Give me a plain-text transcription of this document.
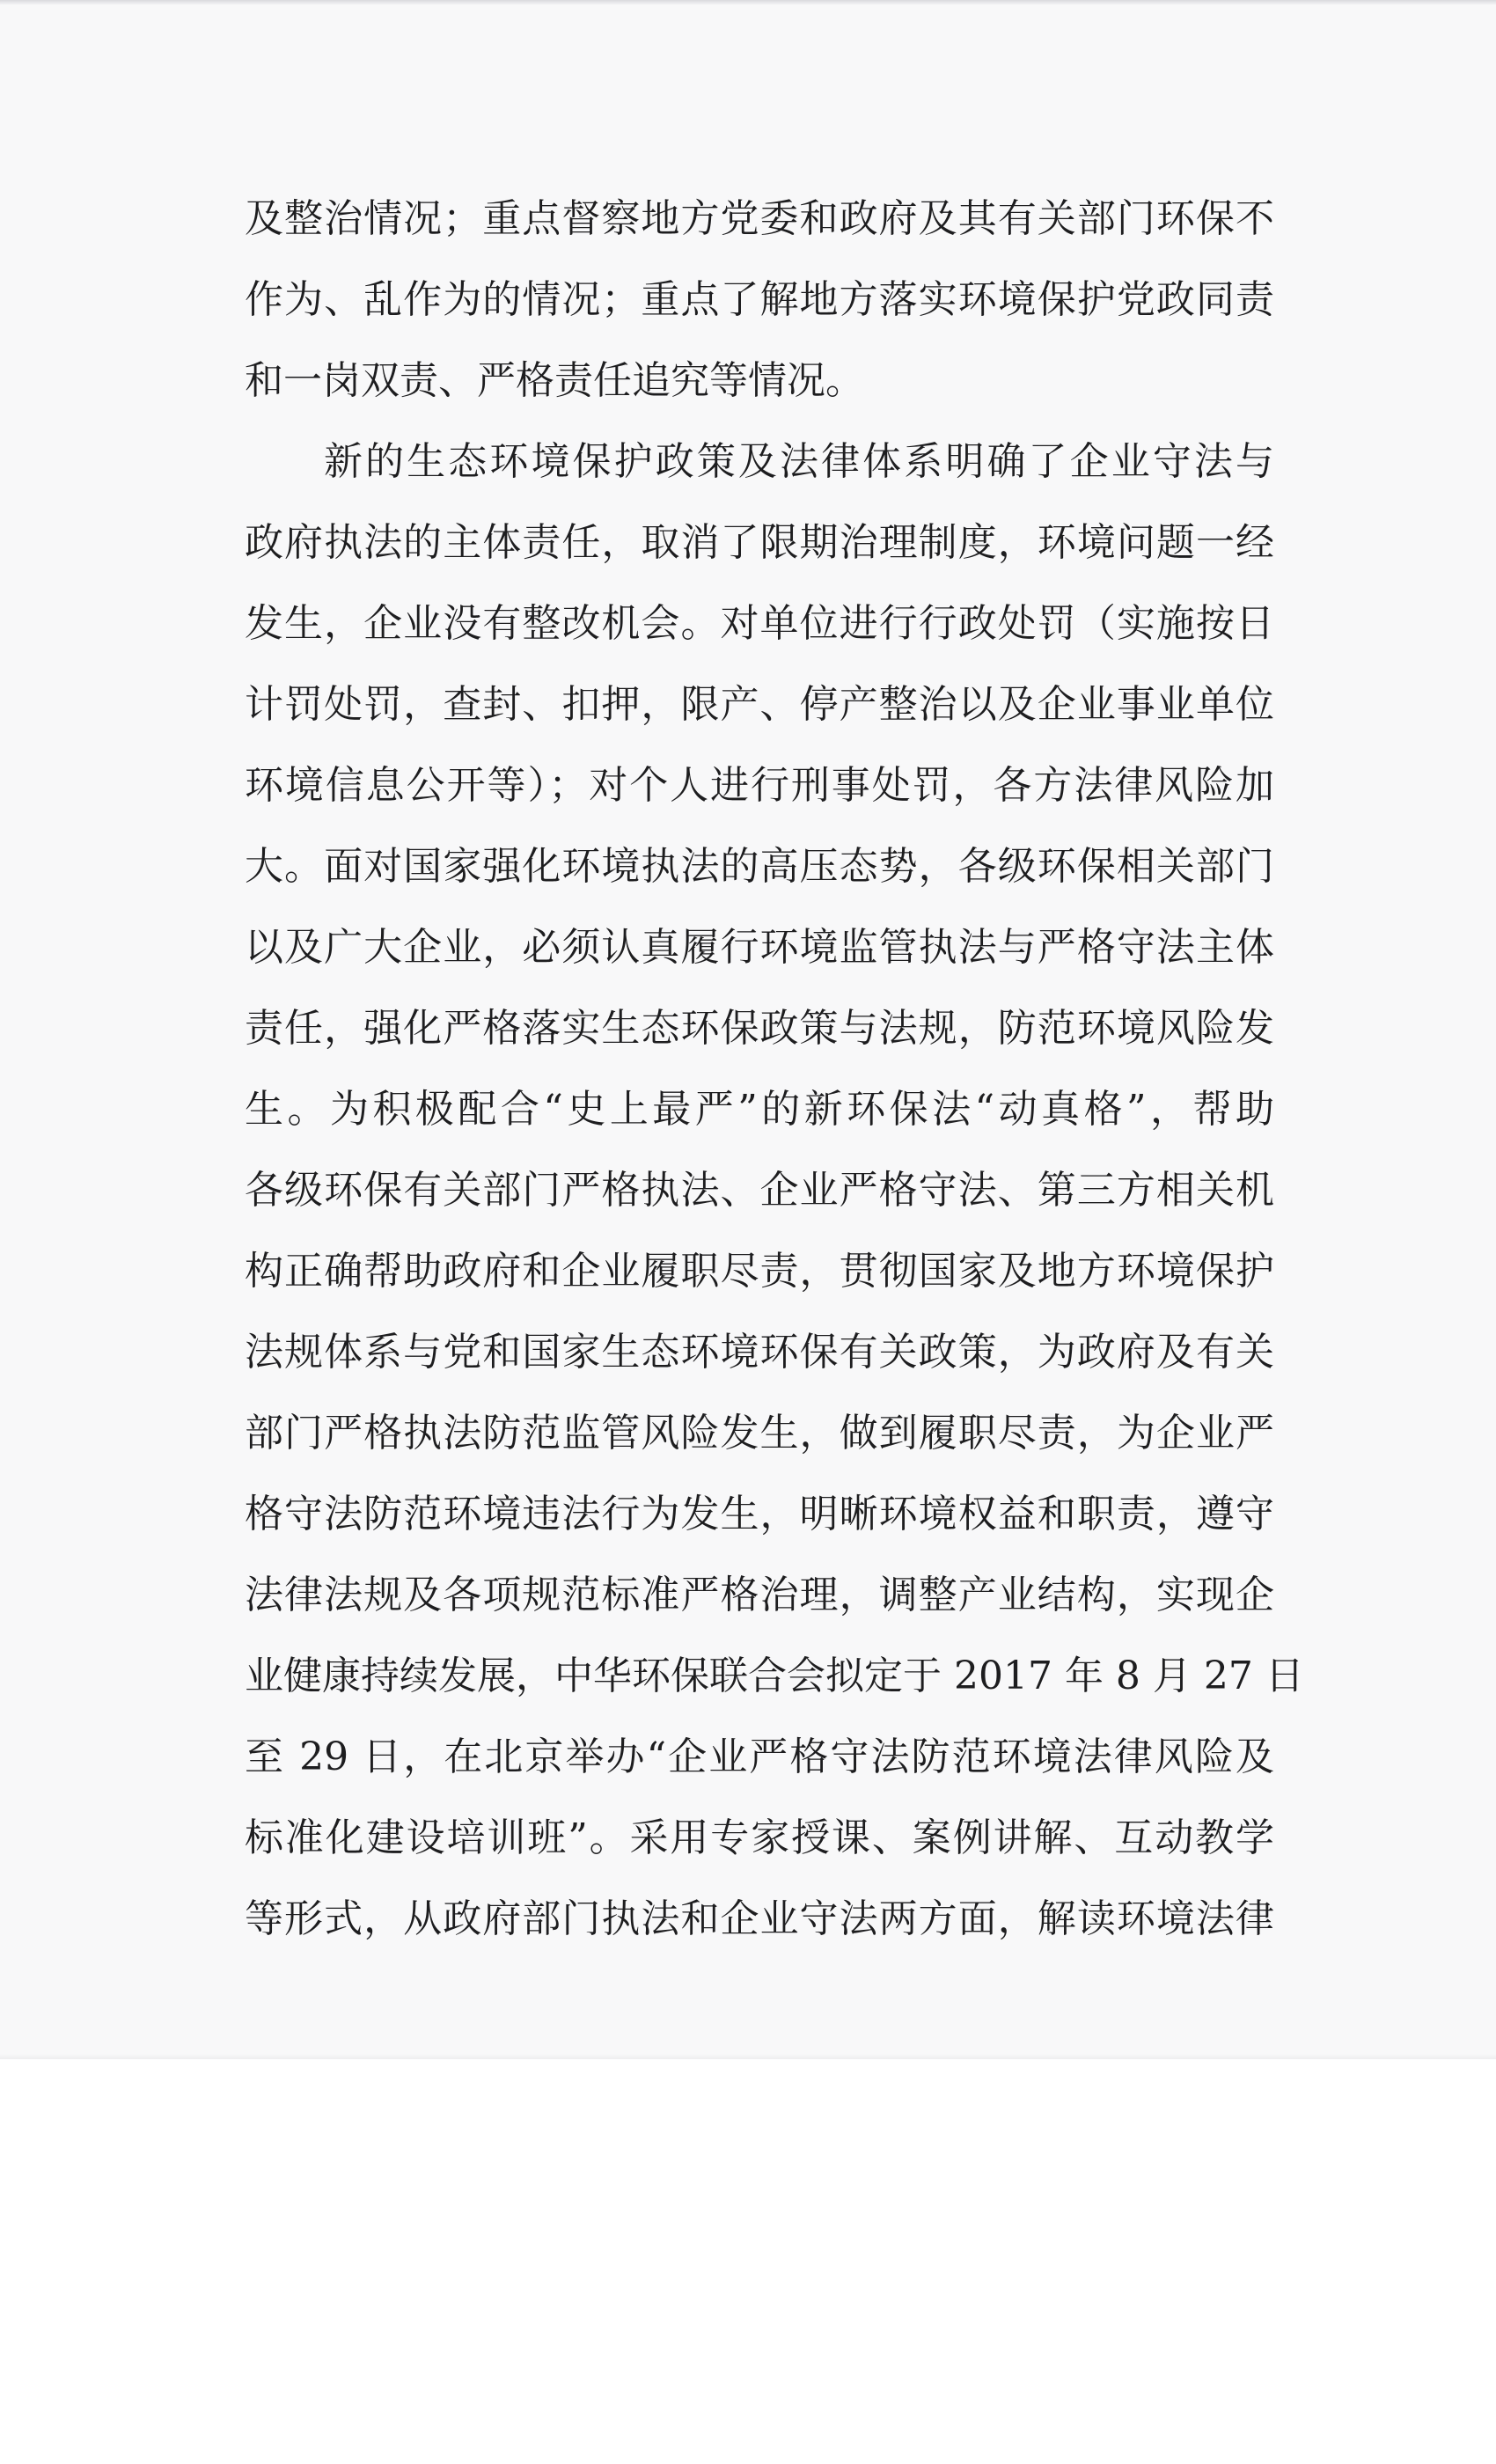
及整治情况；重点督察地方党委和政府及其有关部门环保不
作为、乱作为的情况；重点了解地方落实环境保护党政同责
和一岗双责、严格责任追究等情况。
新的生态环境保护政策及法律体系明确了企业守法与
政府执法的主体责任，取消了限期治理制度，环境问题一经
发生，企业没有整改机会。对单位进行行政处罚（实施按日
计罚处罚，查封、扣押，限产、停产整治以及企业事业单位
环境信息公开等）；对个人进行刑事处罚，各方法律风险加
大。面对国家强化环境执法的高压态势，各级环保相关部门
以及广大企业，必须认真履行环境监管执法与严格守法主体
责任，强化严格落实生态环保政策与法规，防范环境风险发
生。为积极配合“史上最严”的新环保法“动真格”，帮助
各级环保有关部门严格执法、企业严格守法、第三方相关机
构正确帮助政府和企业履职尽责，贯彻国家及地方环境保护
法规体系与党和国家生态环境环保有关政策，为政府及有关
部门严格执法防范监管风险发生，做到履职尽责，为企业严
格守法防范环境违法行为发生，明晰环境权益和职责，遵守
法律法规及各项规范标准严格治理，调整产业结构，实现企
业健康持续发展，中华环保联合会拟定于 2017 年 8 月 27 日
至 29 日，在北京举办“企业严格守法防范环境法律风险及
标准化建设培训班”。采用专家授课、案例讲解、互动教学
等形式，从政府部门执法和企业守法两方面，解读环境法律
